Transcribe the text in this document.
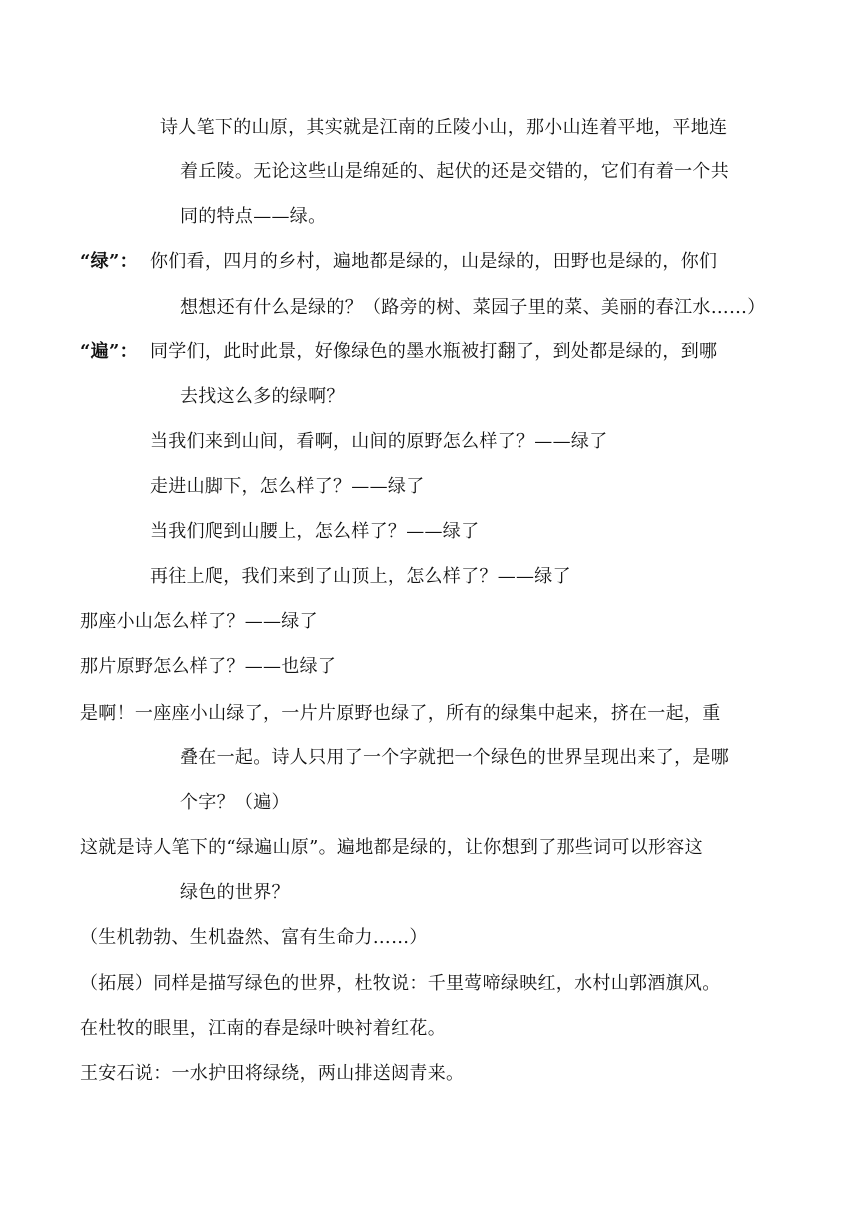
诗人笔下的山原，其实就是江南的丘陵小山，那小山连着平地，平地连
着丘陵。无论这些山是绵延的、起伏的还是交错的，它们有着一个共
同的特点——绿。
“绿”： 你们看，四月的乡村，遍地都是绿的，山是绿的，田野也是绿的，你们
想想还有什么是绿的？（路旁的树、菜园子里的菜、美丽的春江水……）
“遍”： 同学们，此时此景，好像绿色的墨水瓶被打翻了，到处都是绿的，到哪
去找这么多的绿啊？
当我们来到山间，看啊，山间的原野怎么样了？——绿了
走进山脚下，怎么样了？——绿了
当我们爬到山腰上，怎么样了？——绿了
再往上爬，我们来到了山顶上，怎么样了？——绿了
那座小山怎么样了？——绿了
那片原野怎么样了？——也绿了
是啊！一座座小山绿了，一片片原野也绿了，所有的绿集中起来，挤在一起，重
叠在一起。诗人只用了一个字就把一个绿色的世界呈现出来了，是哪
个字？（遍）
这就是诗人笔下的“绿遍山原”。遍地都是绿的，让你想到了那些词可以形容这
绿色的世界？
（生机勃勃、生机盎然、富有生命力……）
（拓展）同样是描写绿色的世界，杜牧说：千里莺啼绿映红，水村山郭酒旗风。
在杜牧的眼里，江南的春是绿叶映衬着红花。
王安石说：一水护田将绿绕，两山排送闼青来。
